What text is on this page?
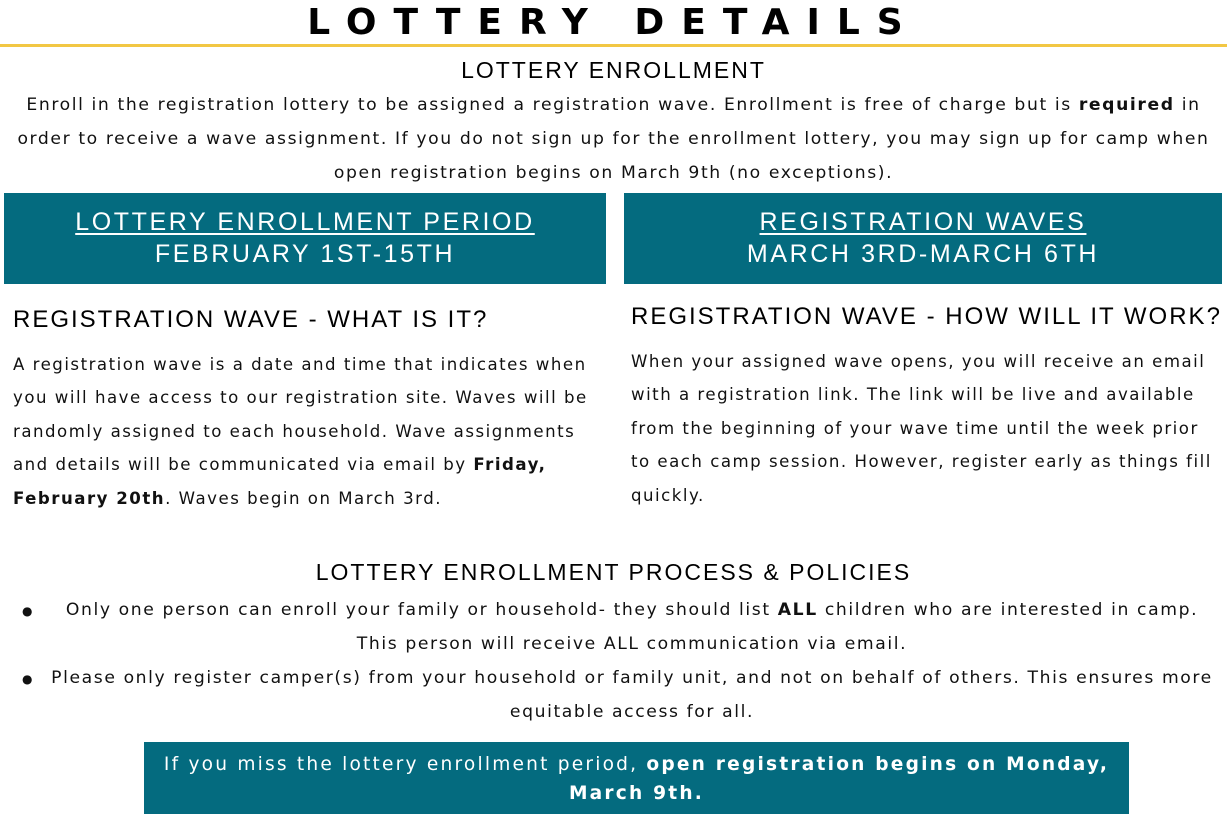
LOTTERY DETAILS
LOTTERY ENROLLMENT
Enroll in the registration lottery to be assigned a registration wave. Enrollment is free of charge but is required in order to receive a wave assignment. If you do not sign up for the enrollment lottery, you may sign up for camp when open registration begins on March 9th (no exceptions).
LOTTERY ENROLLMENT PERIOD
FEBRUARY 1ST-15TH
REGISTRATION WAVES
MARCH 3RD-MARCH 6TH
REGISTRATION WAVE - WHAT IS IT?
A registration wave is a date and time that indicates when you will have access to our registration site. Waves will be randomly assigned to each household. Wave assignments and details will be communicated via email by Friday, February 20th. Waves begin on March 3rd.
REGISTRATION WAVE - HOW WILL IT WORK?
When your assigned wave opens, you will receive an email with a registration link. The link will be live and available from the beginning of your wave time until the week prior to each camp session. However, register early as things fill quickly.
LOTTERY ENROLLMENT PROCESS & POLICIES
●	Only one person can enroll your family or household- they should list ALL children who are interested in camp. This person will receive ALL communication via email.
●	Please only register camper(s) from your household or family unit, and not on behalf of others. This ensures more equitable access for all.
If you miss the lottery enrollment period, open registration begins on Monday, March 9th.
